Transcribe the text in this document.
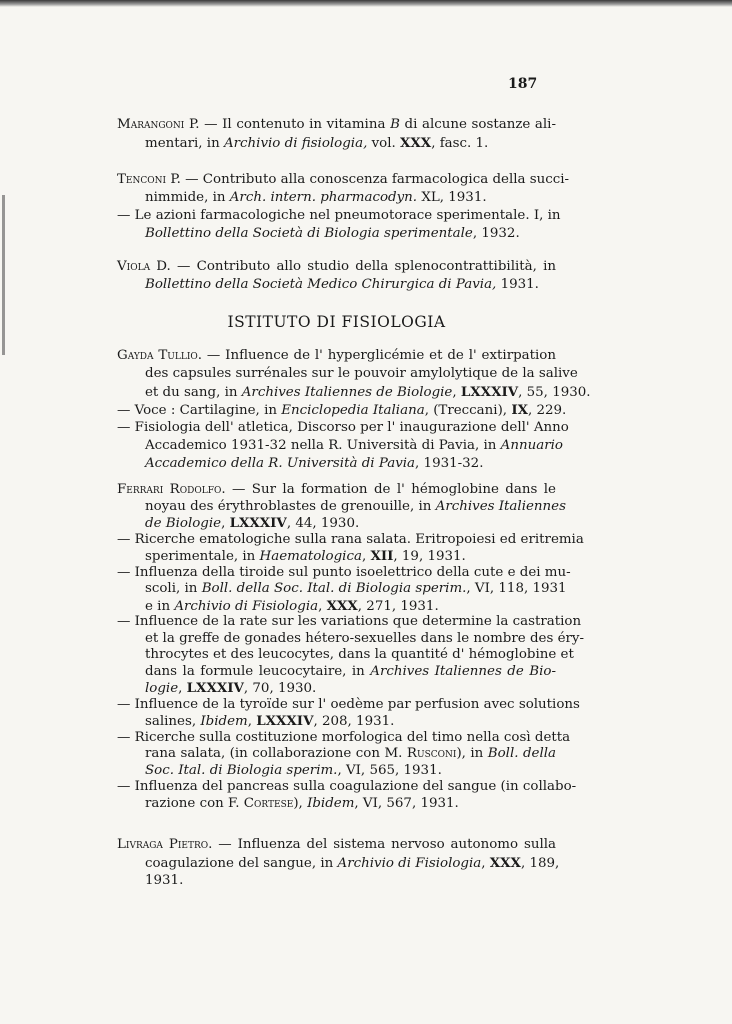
187
Marangoni P. — Il contenuto in vitamina B di alcune sostanze ali-
mentari, in Archivio di fisiologia, vol. XXX, fasc. 1.
Tenconi P. — Contributo alla conoscenza farmacologica della succi-
nimmide, in Arch. intern. pharmacodyn. XL, 1931.
— Le azioni farmacologiche nel pneumotorace sperimentale. I, in
Bollettino della Società di Biologia sperimentale, 1932.
Viola D. — Contributo allo studio della splenocontrattibilità, in
Bollettino della Società Medico Chirurgica di Pavia, 1931.
ISTITUTO DI FISIOLOGIA
Gayda Tullio. — Influence de l' hyperglicémie et de l' extirpation
des capsules surrénales sur le pouvoir amylolytique de la salive
et du sang, in Archives Italiennes de Biologie, LXXXIV, 55, 1930.
— Voce : Cartilagine, in Enciclopedia Italiana, (Treccani), IX, 229.
— Fisiologia dell' atletica, Discorso per l' inaugurazione dell' Anno
Accademico 1931-32 nella R. Università di Pavia, in Annuario
Accademico della R. Università di Pavia, 1931-32.
Ferrari Rodolfo. — Sur la formation de l' hémoglobine dans le
noyau des érythroblastes de grenouille, in Archives Italiennes
de Biologie, LXXXIV, 44, 1930.
— Ricerche ematologiche sulla rana salata. Eritropoiesi ed eritremia
sperimentale, in Haematologica, XII, 19, 1931.
— Influenza della tiroide sul punto isoelettrico della cute e dei mu-
scoli, in Boll. della Soc. Ital. di Biologia sperim., VI, 118, 1931
e in Archivio di Fisiologia, XXX, 271, 1931.
— Influence de la rate sur les variations que determine la castration
et la greffe de gonades hétero-sexuelles dans le nombre des éry-
throcytes et des leucocytes, dans la quantité d' hémoglobine et
dans la formule leucocytaire, in Archives Italiennes de Bio-
logie, LXXXIV, 70, 1930.
— Influence de la tyroïde sur l' oedème par perfusion avec solutions
salines, Ibidem, LXXXIV, 208, 1931.
— Ricerche sulla costituzione morfologica del timo nella così detta
rana salata, (in collaborazione con M. Rusconi), in Boll. della
Soc. Ital. di Biologia sperim., VI, 565, 1931.
— Influenza del pancreas sulla coagulazione del sangue (in collabo-
razione con F. Cortese), Ibidem, VI, 567, 1931.
Livraga Pietro. — Influenza del sistema nervoso autonomo sulla
coagulazione del sangue, in Archivio di Fisiologia, XXX, 189,
1931.
